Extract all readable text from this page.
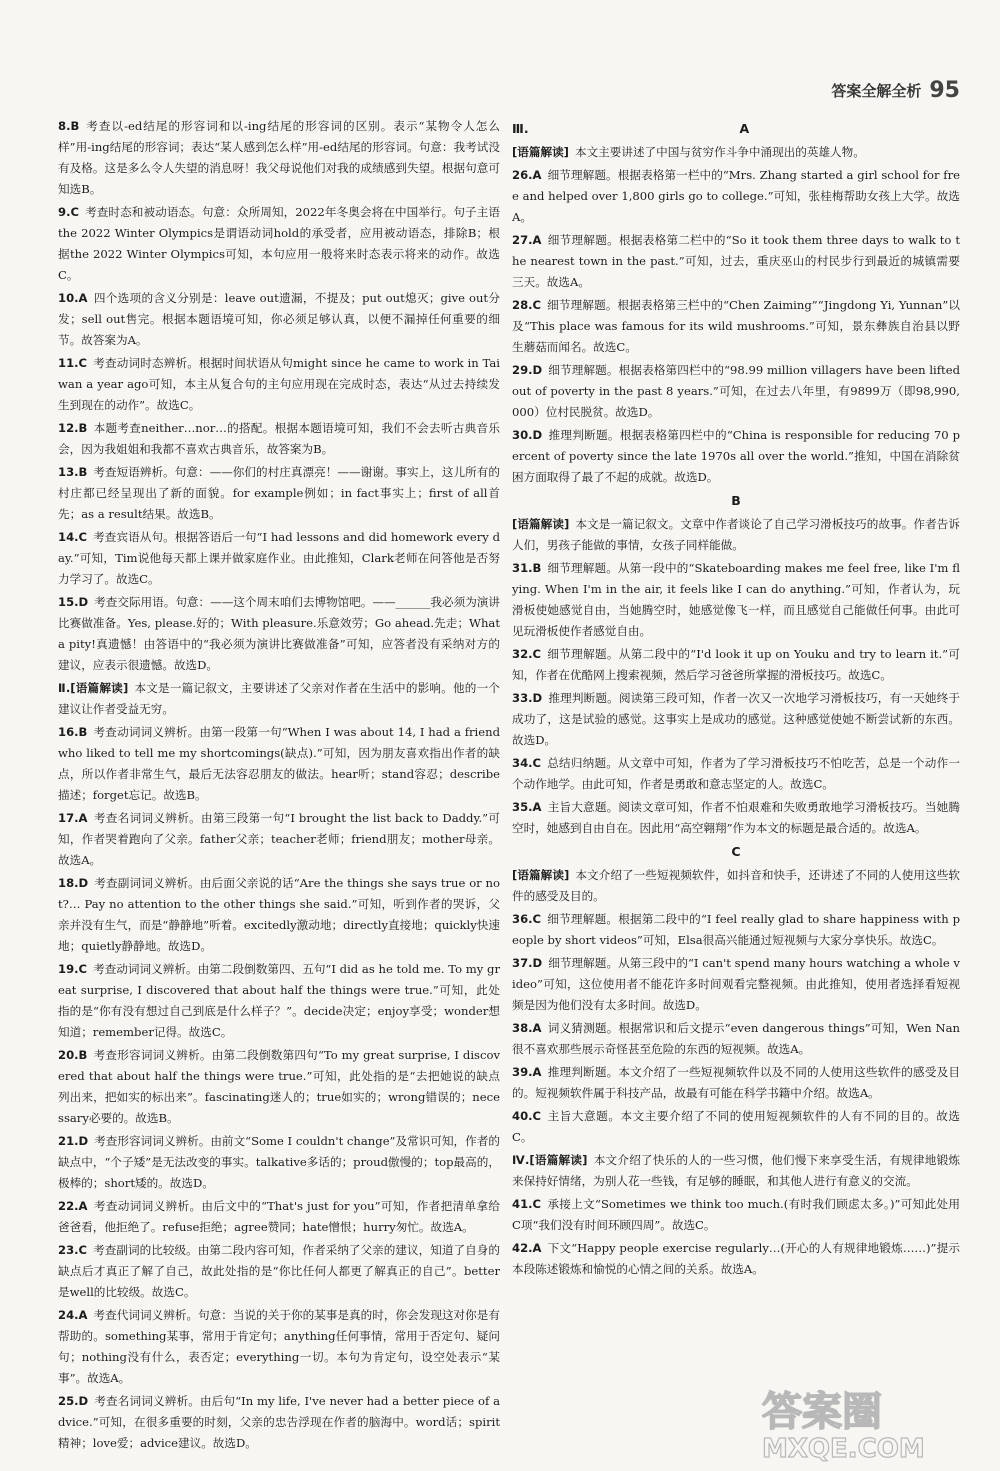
答案全解全析 95

8.B 考查以-ed结尾的形容词和以-ing结尾的形容词的区别。表示“某物令人怎么样”用-ing结尾的形容词；表达“某人感到怎么样”用-ed结尾的形容词。句意：我考试没有及格。这是多么令人失望的消息呀！我父母说他们对我的成绩感到失望。根据句意可知选B。

9.C 考查时态和被动语态。句意：众所周知，2022年冬奥会将在中国举行。句子主语the 2022 Winter Olympics是谓语动词hold的承受者，应用被动语态，排除B；根据the 2022 Winter Olympics可知，本句应用一般将来时态表示将来的动作。故选C。

10.A 四个选项的含义分别是：leave out遗漏，不提及；put out熄灭；give out分发；sell out售完。根据本题语境可知，你必须足够认真，以便不漏掉任何重要的细节。故答案为A。

11.C 考查动词时态辨析。根据时间状语从句might since he came to work in Taiwan a year ago可知，本主从复合句的主句应用现在完成时态，表达“从过去持续发生到现在的动作”。故选C。

12.B 本题考查neither…nor…的搭配。根据本题语境可知，我们不会去听古典音乐会，因为我姐姐和我都不喜欢古典音乐，故答案为B。

13.B 考查短语辨析。句意：——你们的村庄真漂亮！——谢谢。事实上，这儿所有的村庄都已经呈现出了新的面貌。for example例如；in fact事实上；first of all首先；as a result结果。故选B。

14.C 考查宾语从句。根据答语后一句“I had lessons and did homework every day.”可知，Tim说他每天都上课并做家庭作业。由此推知，Clark老师在问答他是否努力学习了。故选C。

15.D 考查交际用语。句意：——这个周末咱们去博物馆吧。——______我必须为演讲比赛做准备。Yes, please.好的；With pleasure.乐意效劳；Go ahead.先走；What a pity!真遗憾！由答语中的“我必须为演讲比赛做准备”可知，应答者没有采纳对方的建议，应表示很遗憾。故选D。

Ⅱ.[语篇解读] 本文是一篇记叙文，主要讲述了父亲对作者在生活中的影响。他的一个建议让作者受益无穷。

16.B 考查动词词义辨析。由第一段第一句“When I was about 14, I had a friend who liked to tell me my shortcomings(缺点).”可知，因为朋友喜欢指出作者的缺点，所以作者非常生气，最后无法容忍朋友的做法。hear听；stand容忍；describe描述；forget忘记。故选B。

17.A 考查名词词义辨析。由第三段第一句“I brought the list back to Daddy.”可知，作者哭着跑向了父亲。father父亲；teacher老师；friend朋友；mother母亲。故选A。

18.D 考查副词词义辨析。由后面父亲说的话“Are the things she says true or not?… Pay no attention to the other things she said.”可知，听到作者的哭诉，父亲并没有生气，而是“静静地”听着。excitedly激动地；directly直接地；quickly快速地；quietly静静地。故选D。

19.C 考查动词词义辨析。由第二段倒数第四、五句“I did as he told me. To my great surprise, I discovered that about half the things were true.”可知，此处指的是“你有没有想过自己到底是什么样子？”。decide决定；enjoy享受；wonder想知道；remember记得。故选C。

20.B 考查形容词词义辨析。由第二段倒数第四句“To my great surprise, I discovered that about half the things were true.”可知，此处指的是“去把她说的缺点列出来，把如实的标出来”。fascinating迷人的；true如实的；wrong错误的；necessary必要的。故选B。

21.D 考查形容词词义辨析。由前文“Some I couldn't change”及常识可知，作者的缺点中，“个子矮”是无法改变的事实。talkative多话的；proud傲慢的；top最高的，极棒的；short矮的。故选D。

22.A 考查动词词义辨析。由后文中的“That's just for you”可知，作者把清单拿给爸爸看，他拒绝了。refuse拒绝；agree赞同；hate憎恨；hurry匆忙。故选A。

23.C 考查副词的比较级。由第二段内容可知，作者采纳了父亲的建议，知道了自身的缺点后才真正了解了自己，故此处指的是“你比任何人都更了解真正的自己”。better是well的比较级。故选C。

24.A 考查代词词义辨析。句意：当说的关于你的某事是真的时，你会发现这对你是有帮助的。something某事，常用于肯定句；anything任何事情，常用于否定句、疑问句；nothing没有什么，表否定；everything一切。本句为肯定句，设空处表示“某事”。故选A。

25.D 考查名词词义辨析。由后句“In my life, I've never had a better piece of advice.”可知，在很多重要的时刻，父亲的忠告浮现在作者的脑海中。word话；spirit精神；love爱；advice建议。故选D。

Ⅲ.	A

[语篇解读] 本文主要讲述了中国与贫穷作斗争中涌现出的英雄人物。

26.A 细节理解题。根据表格第一栏中的“Mrs. Zhang started a girl school for free and helped over 1,800 girls go to college.”可知，张桂梅帮助女孩上大学。故选A。

27.A 细节理解题。根据表格第二栏中的“So it took them three days to walk to the nearest town in the past.”可知，过去，重庆巫山的村民步行到最近的城镇需要三天。故选A。

28.C 细节理解题。根据表格第三栏中的“Chen Zaiming”“Jingdong Yi, Yunnan”以及“This place was famous for its wild mushrooms.”可知，景东彝族自治县以野生蘑菇而闻名。故选C。

29.D 细节理解题。根据表格第四栏中的“98.99 million villagers have been lifted out of poverty in the past 8 years.”可知，在过去八年里，有9899万（即98,990,000）位村民脱贫。故选D。

30.D 推理判断题。根据表格第四栏中的“China is responsible for reducing 70 percent of poverty since the late 1970s all over the world.”推知，中国在消除贫困方面取得了最了不起的成就。故选D。

B

[语篇解读] 本文是一篇记叙文。文章中作者谈论了自己学习滑板技巧的故事。作者告诉人们，男孩子能做的事情，女孩子同样能做。

31.B 细节理解题。从第一段中的“Skateboarding makes me feel free, like I'm flying. When I'm in the air, it feels like I can do anything.”可知，作者认为，玩滑板使她感觉自由，当她腾空时，她感觉像飞一样，而且感觉自己能做任何事。由此可见玩滑板使作者感觉自由。

32.C 细节理解题。从第二段中的“I'd look it up on Youku and try to learn it.”可知，作者在优酷网上搜索视频，然后学习爸爸所掌握的滑板技巧。故选C。

33.D 推理判断题。阅读第三段可知，作者一次又一次地学习滑板技巧，有一天她终于成功了，这是试验的感觉。这事实上是成功的感觉。这种感觉使她不断尝试新的东西。故选D。

34.C 总结归纳题。从文章中可知，作者为了学习滑板技巧不怕吃苦，总是一个动作一个动作地学。由此可知，作者是勇敢和意志坚定的人。故选C。

35.A 主旨大意题。阅读文章可知，作者不怕艰难和失败勇敢地学习滑板技巧。当她腾空时，她感到自由自在。因此用“高空翱翔”作为本文的标题是最合适的。故选A。

C

[语篇解读] 本文介绍了一些短视频软件，如抖音和快手，还讲述了不同的人使用这些软件的感受及目的。

36.C 细节理解题。根据第二段中的“I feel really glad to share happiness with people by short videos”可知，Elsa很高兴能通过短视频与大家分享快乐。故选C。

37.D 细节理解题。从第三段中的“I can't spend many hours watching a whole video”可知，这位使用者不能花许多时间观看完整视频。由此推知，使用者选择看短视频是因为他们没有太多时间。故选D。

38.A 词义猜测题。根据常识和后文提示“even dangerous things”可知，Wen Nan很不喜欢那些展示奇怪甚至危险的东西的短视频。故选A。

39.A 推理判断题。本文介绍了一些短视频软件以及不同的人使用这些软件的感受及目的。短视频软件属于科技产品，故最有可能在科学书籍中介绍。故选A。

40.C 主旨大意题。本文主要介绍了不同的使用短视频软件的人有不同的目的。故选C。

Ⅳ.[语篇解读] 本文介绍了快乐的人的一些习惯，他们慢下来享受生活，有规律地锻炼来保持好情绪，为别人花一些钱，有足够的睡眠，和其他人进行有意义的交流。

41.C 承接上文“Sometimes we think too much.(有时我们顾虑太多。)”可知此处用C项“我们没有时间环顾四周”。故选C。

42.A 下文“Happy people exercise regularly…(开心的人有规律地锻炼……)”提示本段陈述锻炼和愉悦的心情之间的关系。故选A。

答案圈
MXQE.COM
